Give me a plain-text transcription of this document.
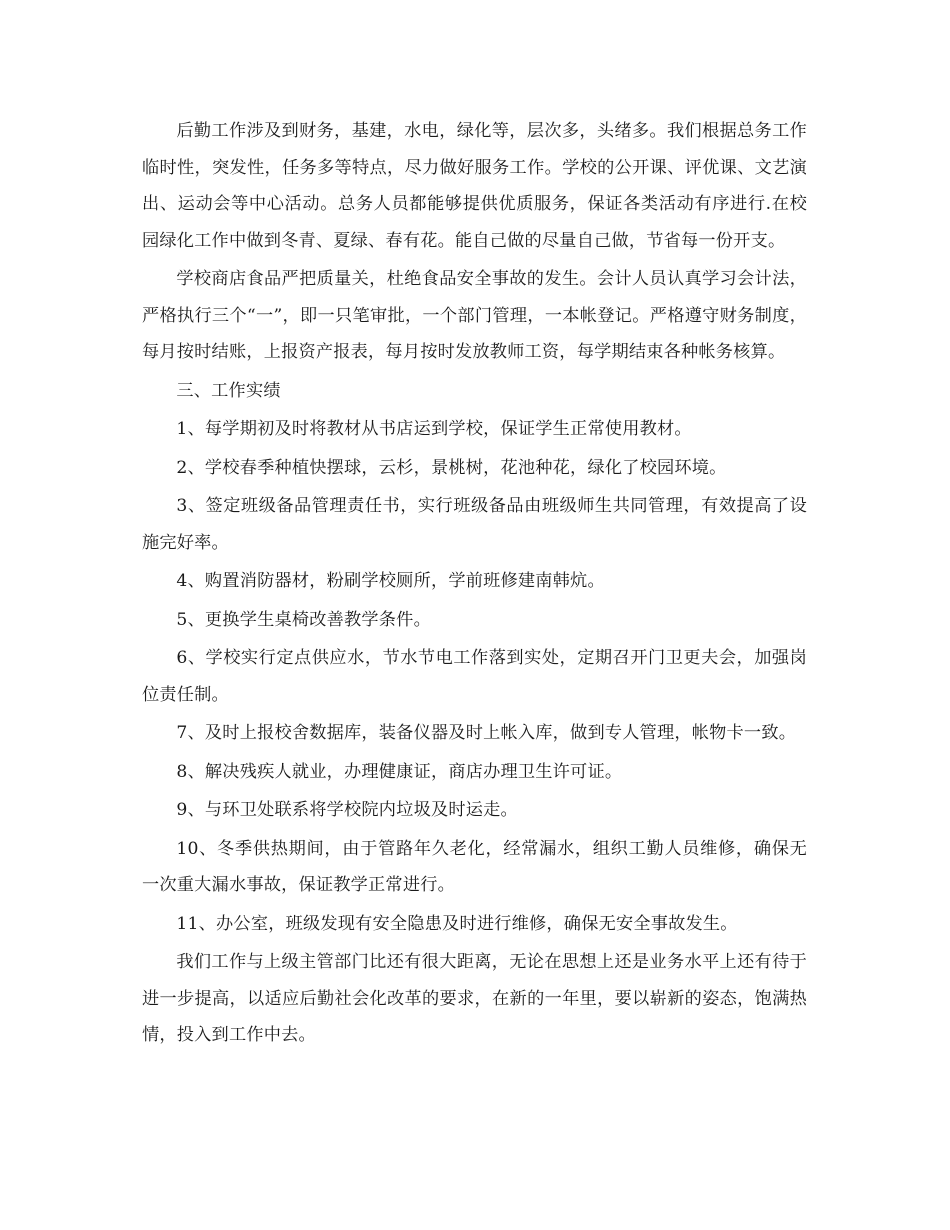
后勤工作涉及到财务，基建，水电，绿化等，层次多，头绪多。我们根据总务工作临时性，突发性，任务多等特点，尽力做好服务工作。学校的公开课、评优课、文艺演出、运动会等中心活动。总务人员都能够提供优质服务，保证各类活动有序进行.在校园绿化工作中做到冬青、夏绿、春有花。能自己做的尽量自己做，节省每一份开支。

学校商店食品严把质量关，杜绝食品安全事故的发生。会计人员认真学习会计法，严格执行三个“一”，即一只笔审批，一个部门管理，一本帐登记。严格遵守财务制度，每月按时结账，上报资产报表，每月按时发放教师工资，每学期结束各种帐务核算。

三、工作实绩

1、每学期初及时将教材从书店运到学校，保证学生正常使用教材。

2、学校春季种植快摆球，云杉，景桃树，花池种花，绿化了校园环境。

3、签定班级备品管理责任书，实行班级备品由班级师生共同管理，有效提高了设施完好率。

4、购置消防器材，粉刷学校厕所，学前班修建南韩炕。

5、更换学生桌椅改善教学条件。

6、学校实行定点供应水，节水节电工作落到实处，定期召开门卫更夫会，加强岗位责任制。

7、及时上报校舍数据库，装备仪器及时上帐入库，做到专人管理，帐物卡一致。

8、解决残疾人就业，办理健康证，商店办理卫生许可证。

9、与环卫处联系将学校院内垃圾及时运走。

10、冬季供热期间，由于管路年久老化，经常漏水，组织工勤人员维修，确保无一次重大漏水事故，保证教学正常进行。

11、办公室，班级发现有安全隐患及时进行维修，确保无安全事故发生。

我们工作与上级主管部门比还有很大距离，无论在思想上还是业务水平上还有待于进一步提高，以适应后勤社会化改革的要求，在新的一年里，要以崭新的姿态，饱满热情，投入到工作中去。
